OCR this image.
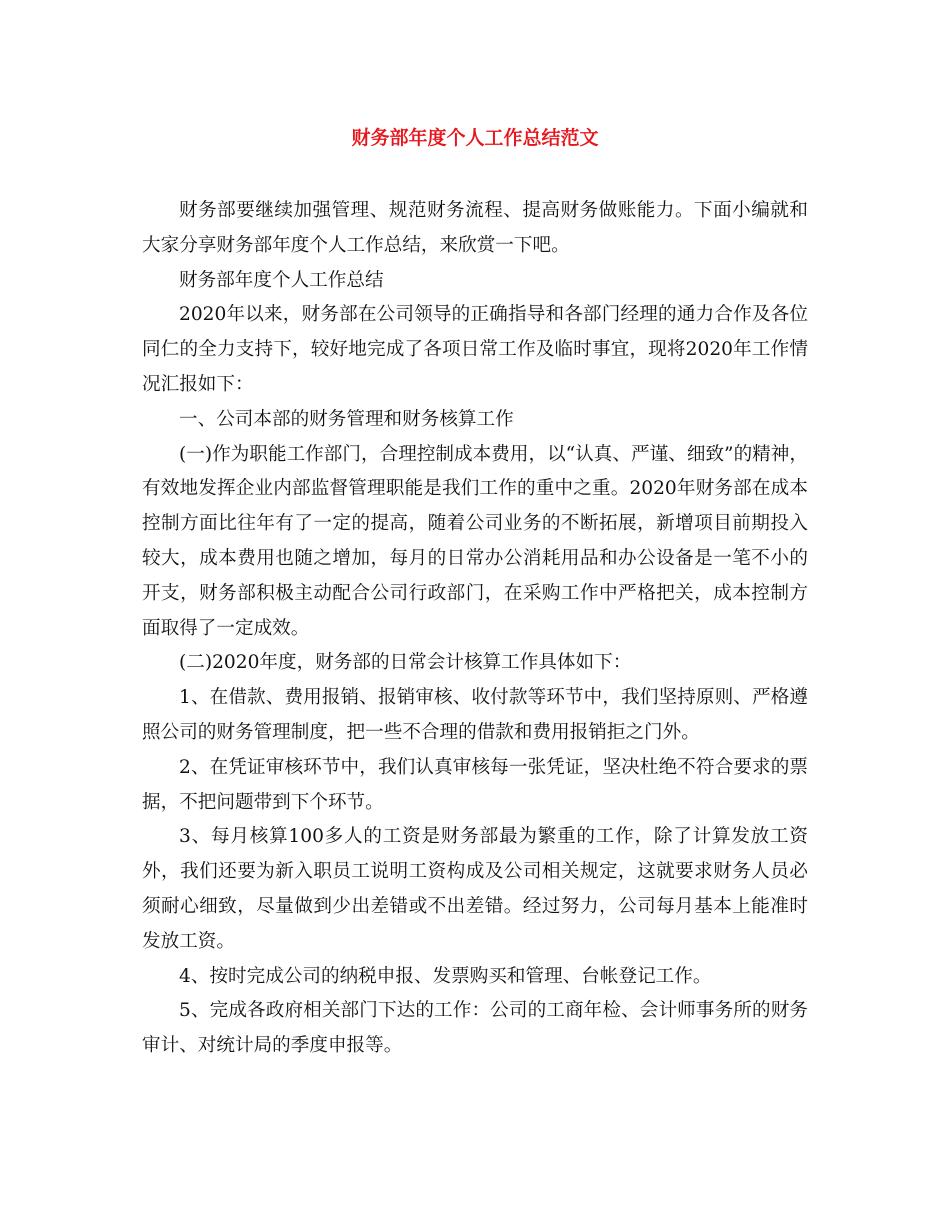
财务部年度个人工作总结范文

财务部要继续加强管理、规范财务流程、提高财务做账能力。下面小编就和大家分享财务部年度个人工作总结，来欣赏一下吧。

财务部年度个人工作总结

2020年以来，财务部在公司领导的正确指导和各部门经理的通力合作及各位同仁的全力支持下，较好地完成了各项日常工作及临时事宜，现将2020年工作情况汇报如下：

一、公司本部的财务管理和财务核算工作

(一)作为职能工作部门，合理控制成本费用，以“认真、严谨、细致”的精神，有效地发挥企业内部监督管理职能是我们工作的重中之重。2020年财务部在成本控制方面比往年有了一定的提高，随着公司业务的不断拓展，新增项目前期投入较大，成本费用也随之增加，每月的日常办公消耗用品和办公设备是一笔不小的开支，财务部积极主动配合公司行政部门，在采购工作中严格把关，成本控制方面取得了一定成效。

(二)2020年度，财务部的日常会计核算工作具体如下：

1、在借款、费用报销、报销审核、收付款等环节中，我们坚持原则、严格遵照公司的财务管理制度，把一些不合理的借款和费用报销拒之门外。

2、在凭证审核环节中，我们认真审核每一张凭证，坚决杜绝不符合要求的票据，不把问题带到下个环节。

3、每月核算100多人的工资是财务部最为繁重的工作，除了计算发放工资外，我们还要为新入职员工说明工资构成及公司相关规定，这就要求财务人员必须耐心细致，尽量做到少出差错或不出差错。经过努力，公司每月基本上能准时发放工资。

4、按时完成公司的纳税申报、发票购买和管理、台帐登记工作。

5、完成各政府相关部门下达的工作：公司的工商年检、会计师事务所的财务审计、对统计局的季度申报等。
